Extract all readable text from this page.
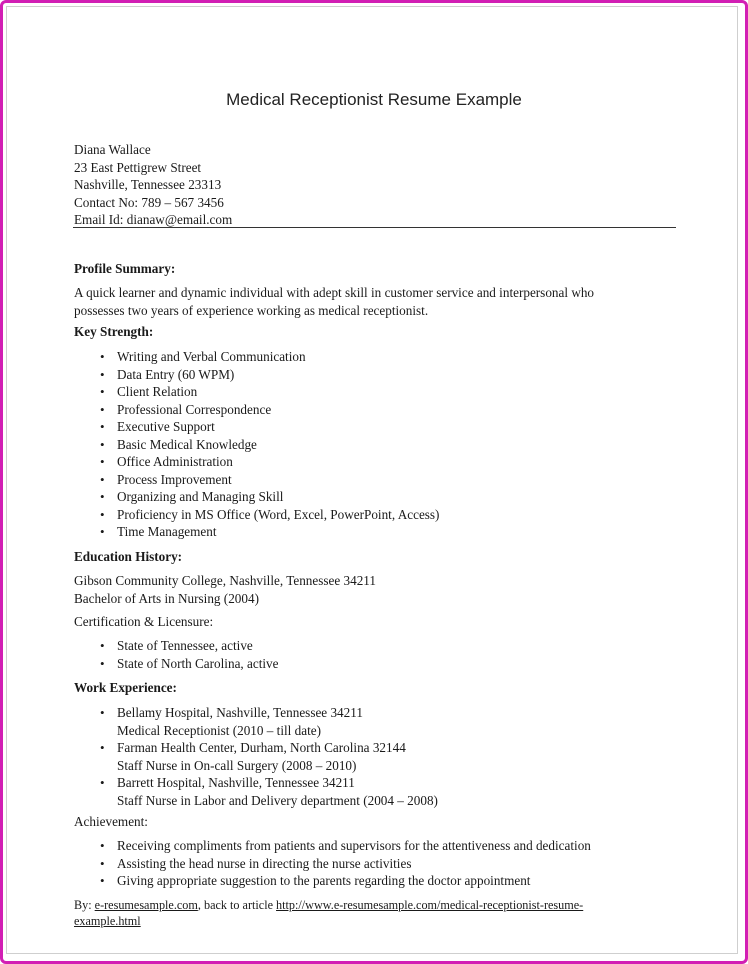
Medical Receptionist Resume Example
Diana Wallace
23 East Pettigrew Street
Nashville, Tennessee 23313
Contact No: 789 – 567 3456
Email Id: dianaw@email.com
Profile Summary:
A quick learner and dynamic individual with adept skill in customer service and interpersonal who
possesses two years of experience working as medical receptionist.
Key Strength:
• Writing and Verbal Communication
• Data Entry (60 WPM)
• Client Relation
• Professional Correspondence
• Executive Support
• Basic Medical Knowledge
• Office Administration
• Process Improvement
• Organizing and Managing Skill
• Proficiency in MS Office (Word, Excel, PowerPoint, Access)
• Time Management
Education History:
Gibson Community College, Nashville, Tennessee 34211
Bachelor of Arts in Nursing (2004)
Certification & Licensure:
• State of Tennessee, active
• State of North Carolina, active
Work Experience:
• Bellamy Hospital, Nashville, Tennessee 34211
Medical Receptionist (2010 – till date)
• Farman Health Center, Durham, North Carolina 32144
Staff Nurse in On-call Surgery (2008 – 2010)
• Barrett Hospital, Nashville, Tennessee 34211
Staff Nurse in Labor and Delivery department (2004 – 2008)
Achievement:
• Receiving compliments from patients and supervisors for the attentiveness and dedication
• Assisting the head nurse in directing the nurse activities
• Giving appropriate suggestion to the parents regarding the doctor appointment
By: e-resumesample.com, back to article http://www.e-resumesample.com/medical-receptionist-resume-
example.html
